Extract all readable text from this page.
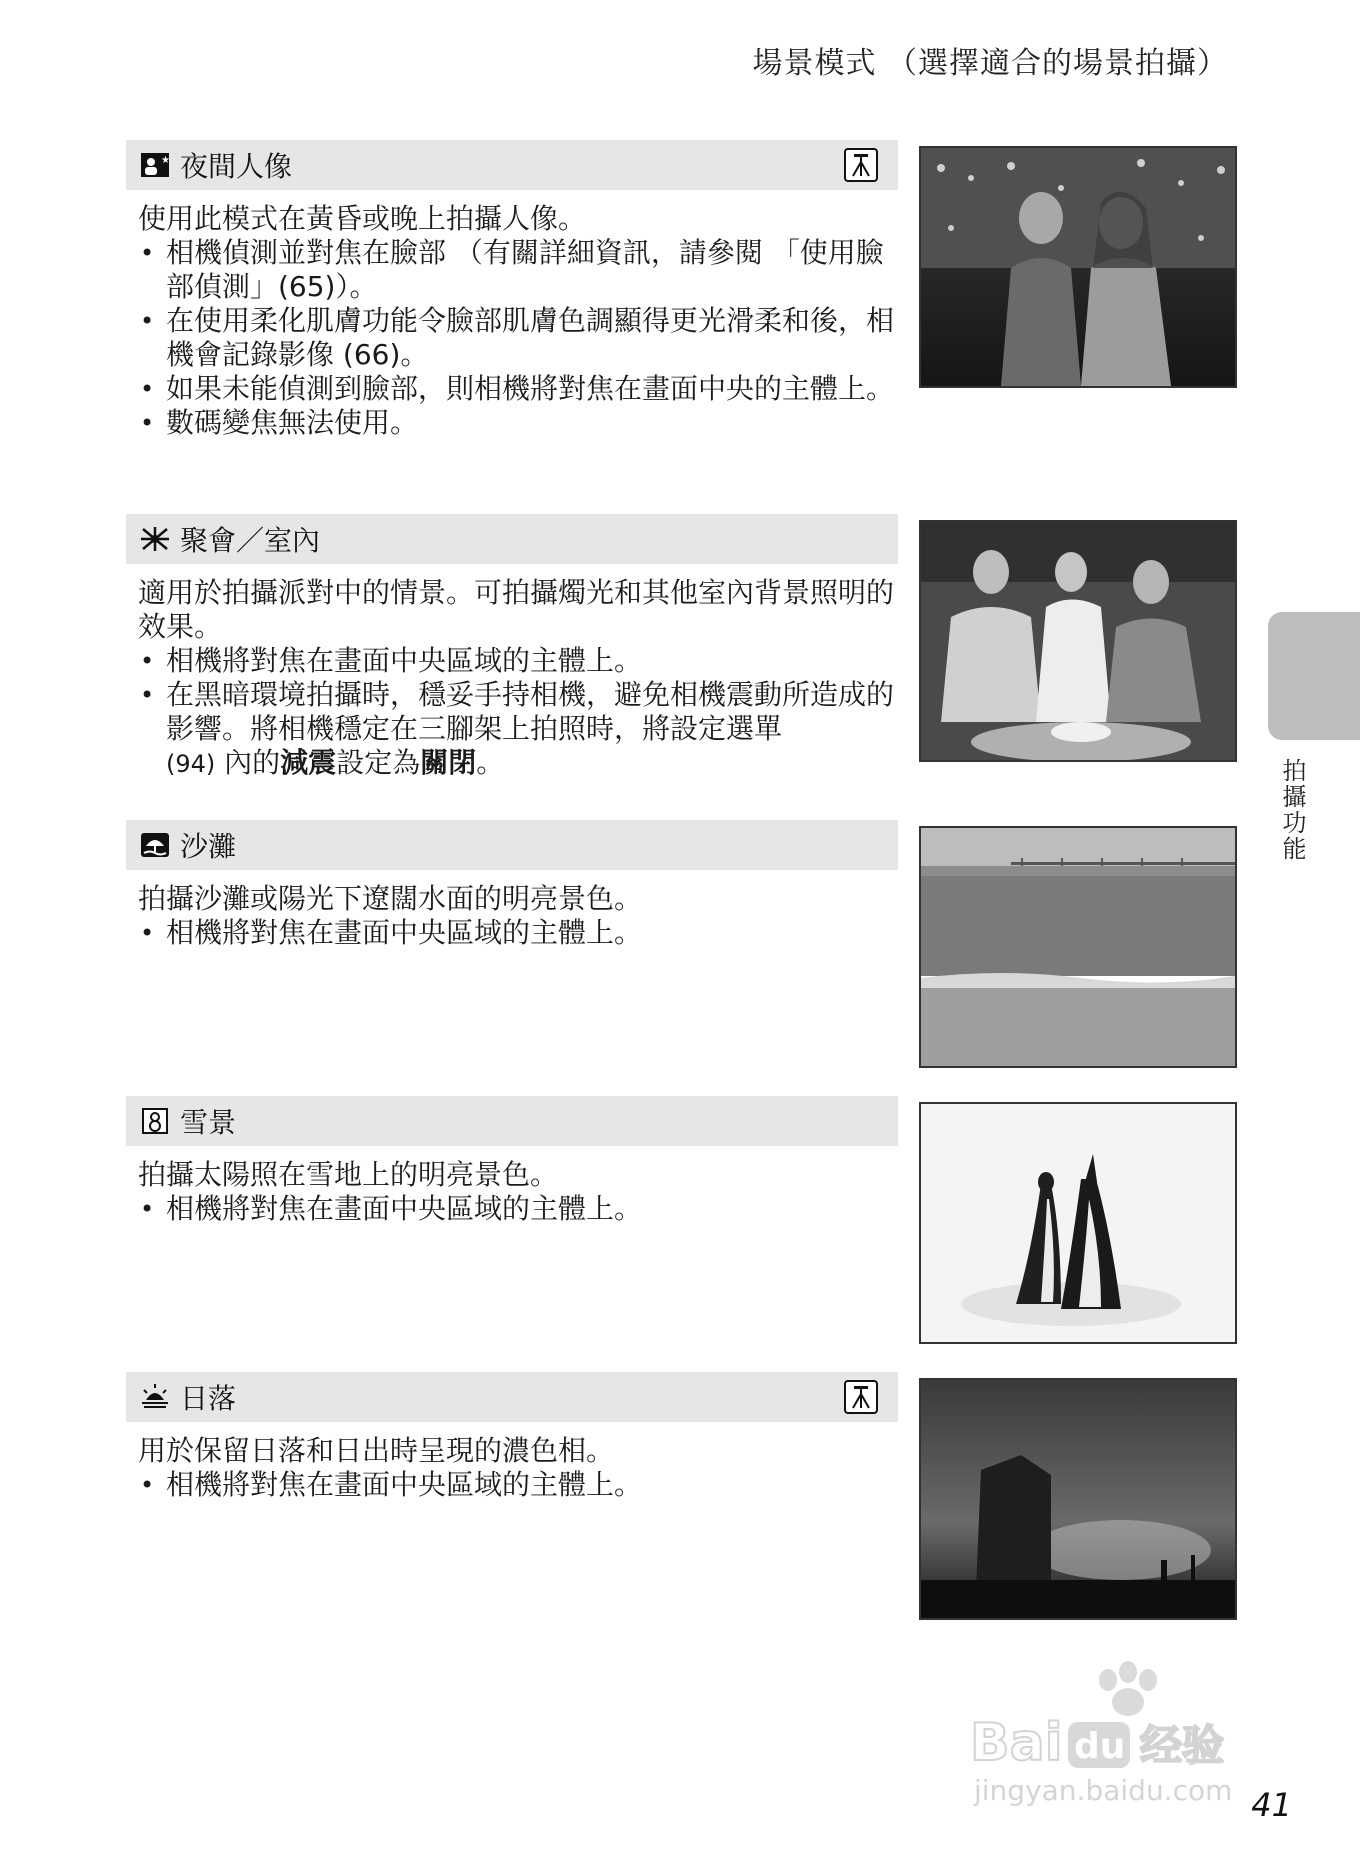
場景模式 （選擇適合的場景拍攝）
★ 夜間人像

使用此模式在黃昏或晚上拍攝人像。

• 相機偵測並對焦在臉部 （有關詳細資訊，請參閱 「使用臉部偵測」(65)）。
• 在使用柔化肌膚功能令臉部肌膚色調顯得更光滑柔和後，相機會記錄影像 (66)。
• 如果未能偵測到臉部，則相機將對焦在畫面中央的主體上。
• 數碼變焦無法使用。
聚會／室內

適用於拍攝派對中的情景。可拍攝燭光和其他室內背景照明的效果。

• 相機將對焦在畫面中央區域的主體上。
• 在黑暗環境拍攝時，穩妥手持相機，避免相機震動所造成的影響。將相機穩定在三腳架上拍照時，將設定選單
(94) 內的減震設定為關閉。
沙灘

拍攝沙灘或陽光下遼闊水面的明亮景色。

• 相機將對焦在畫面中央區域的主體上。
雪景

拍攝太陽照在雪地上的明亮景色。

• 相機將對焦在畫面中央區域的主體上。
日落

用於保留日落和日出時呈現的濃色相。

• 相機將對焦在畫面中央區域的主體上。
拍攝功能
Bai du 经验
jingyan.baidu.com 41
